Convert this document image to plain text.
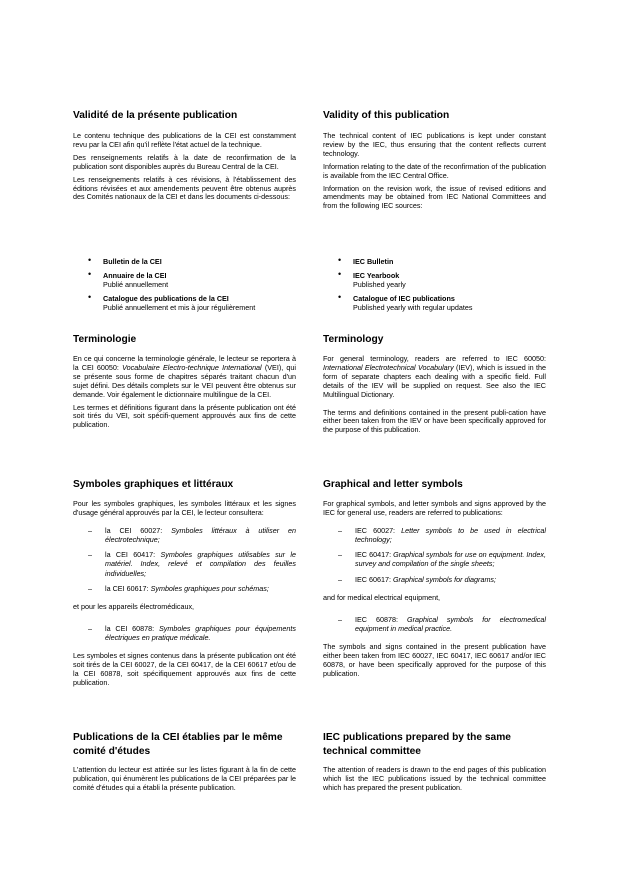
Validité de la présente publication

Le contenu technique des publications de la CEI est constamment revu par la CEI afin qu'il reflète l'état actuel de la technique.

Des renseignements relatifs à la date de reconfirmation de la publication sont disponibles auprès du Bureau Central de la CEI.

Les renseignements relatifs à ces révisions, à l'établissement des éditions révisées et aux amendements peuvent être obtenus auprès des Comités nationaux de la CEI et dans les documents ci-dessous:

• Bulletin de la CEI
• Annuaire de la CEI
Publié annuellement
• Catalogue des publications de la CEI
Publié annuellement et mis à jour régulièrement
Terminologie

En ce qui concerne la terminologie générale, le lecteur se reportera à la CEI 60050: Vocabulaire Electro-technique International (VEI), qui se présente sous forme de chapitres séparés traitant chacun d'un sujet défini. Des détails complets sur le VEI peuvent être obtenus sur demande. Voir également le dictionnaire multilingue de la CEI.

Les termes et définitions figurant dans la présente publication ont été soit tirés du VEI, soit spécifi-quement approuvés aux fins de cette publication.

Symboles graphiques et littéraux

Pour les symboles graphiques, les symboles littéraux et les signes d'usage général approuvés par la CEI, le lecteur consultera:

–	la CEI 60027: Symboles littéraux à utiliser en électrotechnique;
–	la CEI 60417: Symboles graphiques utilisables sur le matériel. Index, relevé et compilation des feuilles individuelles;
–	la CEI 60617: Symboles graphiques pour schémas;

et pour les appareils électromédicaux,

–	la CEI 60878: Symboles graphiques pour équipements électriques en pratique médicale.

Les symboles et signes contenus dans la présente publication ont été soit tirés de la CEI 60027, de la CEI 60417, de la CEI 60617 et/ou de la CEI 60878, soit spécifiquement approuvés aux fins de cette publication.

Publications de la CEI établies par le même comité d'études

L'attention du lecteur est attirée sur les listes figurant à la fin de cette publication, qui énumèrent les publications de la CEI préparées par le comité d'études qui a établi la présente publication.

Validity of this publication

The technical content of IEC publications is kept under constant review by the IEC, thus ensuring that the content reflects current technology.

Information relating to the date of the reconfirmation of the publication is available from the IEC Central Office.

Information on the revision work, the issue of revised editions and amendments may be obtained from IEC National Committees and from the following IEC sources:

• IEC Bulletin
• IEC Yearbook
Published yearly
• Catalogue of IEC publications
Published yearly with regular updates
Terminology

For general terminology, readers are referred to IEC 60050: International Electrotechnical Vocabulary (IEV), which is issued in the form of separate chapters each dealing with a specific field. Full details of the IEV will be supplied on request. See also the IEC Multilingual Dictionary.

The terms and definitions contained in the present publi-cation have either been taken from the IEV or have been specifically approved for the purpose of this publication.

Graphical and letter symbols

For graphical symbols, and letter symbols and signs approved by the IEC for general use, readers are referred to publications:

–	IEC 60027: Letter symbols to be used in electrical technology;
–	IEC 60417: Graphical symbols for use on equipment. Index, survey and compilation of the single sheets;
–	IEC 60617: Graphical symbols for diagrams;

and for medical electrical equipment,

–	IEC 60878: Graphical symbols for electromedical equipment in medical practice.

The symbols and signs contained in the present publication have either been taken from IEC 60027, IEC 60417, IEC 60617 and/or IEC 60878, or have been specifically approved for the purpose of this publication.

IEC publications prepared by the same technical committee

The attention of readers is drawn to the end pages of this publication which list the IEC publications issued by the technical committee which has prepared the present publication.
